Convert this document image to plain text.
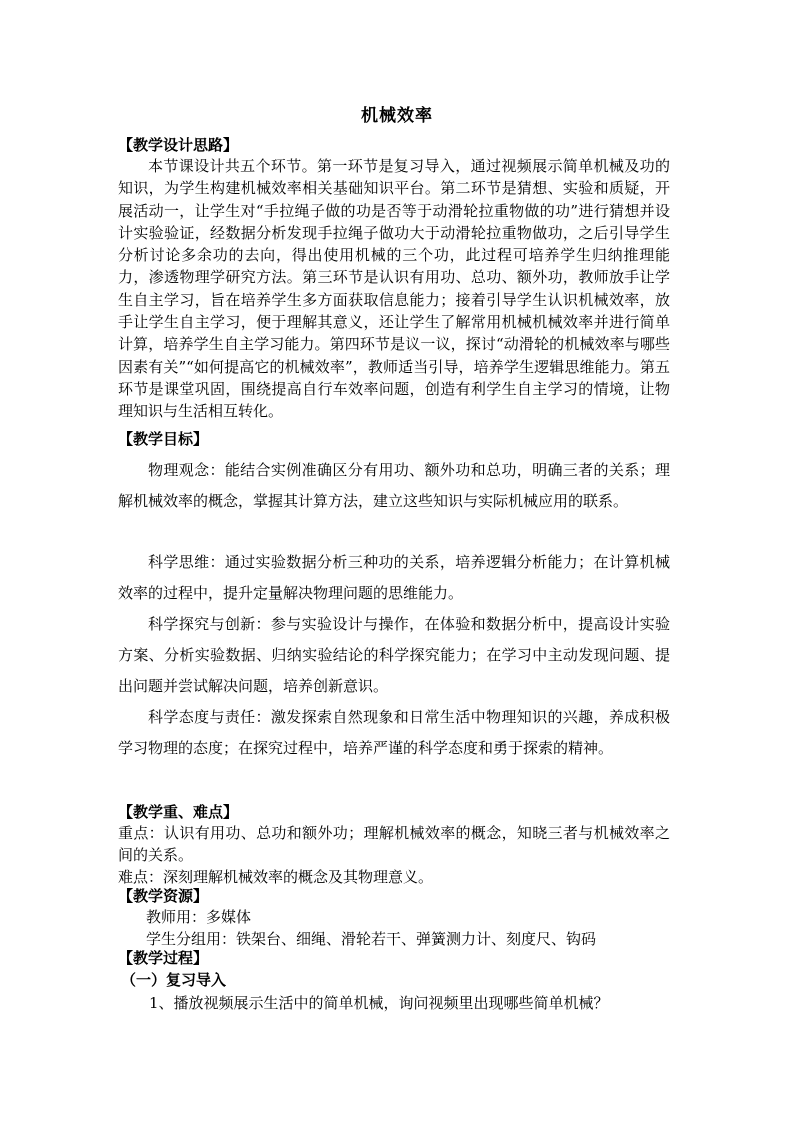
机械效率
【教学设计思路】
本节课设计共五个环节。第一环节是复习导入，通过视频展示简单机械及功的知识，为学生构建机械效率相关基础知识平台。第二环节是猜想、实验和质疑，开展活动一，让学生对“手拉绳子做的功是否等于动滑轮拉重物做的功”进行猜想并设计实验验证，经数据分析发现手拉绳子做功大于动滑轮拉重物做功，之后引导学生分析讨论多余功的去向，得出使用机械的三个功，此过程可培养学生归纳推理能力，渗透物理学研究方法。第三环节是认识有用功、总功、额外功，教师放手让学生自主学习，旨在培养学生多方面获取信息能力；接着引导学生认识机械效率，放手让学生自主学习，便于理解其意义，还让学生了解常用机械机械效率并进行简单计算，培养学生自主学习能力。第四环节是议一议，探讨“动滑轮的机械效率与哪些因素有关”“如何提高它的机械效率”，教师适当引导，培养学生逻辑思维能力。第五环节是课堂巩固，围绕提高自行车效率问题，创造有利学生自主学习的情境，让物理知识与生活相互转化。
【教学目标】
物理观念：能结合实例准确区分有用功、额外功和总功，明确三者的关系；理解机械效率的概念，掌握其计算方法，建立这些知识与实际机械应用的联系。
科学思维：通过实验数据分析三种功的关系，培养逻辑分析能力；在计算机械效率的过程中，提升定量解决物理问题的思维能力。
科学探究与创新：参与实验设计与操作，在体验和数据分析中，提高设计实验方案、分析实验数据、归纳实验结论的科学探究能力；在学习中主动发现问题、提出问题并尝试解决问题，培养创新意识。
科学态度与责任：激发探索自然现象和日常生活中物理知识的兴趣，养成积极学习物理的态度；在探究过程中，培养严谨的科学态度和勇于探索的精神。
【教学重、难点】
重点：认识有用功、总功和额外功；理解机械效率的概念，知晓三者与机械效率之间的关系。
难点：深刻理解机械效率的概念及其物理意义。
【教学资源】
教师用：多媒体
学生分组用：铁架台、细绳、滑轮若干、弹簧测力计、刻度尺、钩码
【教学过程】
（一）复习导入
1、播放视频展示生活中的简单机械，询问视频里出现哪些简单机械？
